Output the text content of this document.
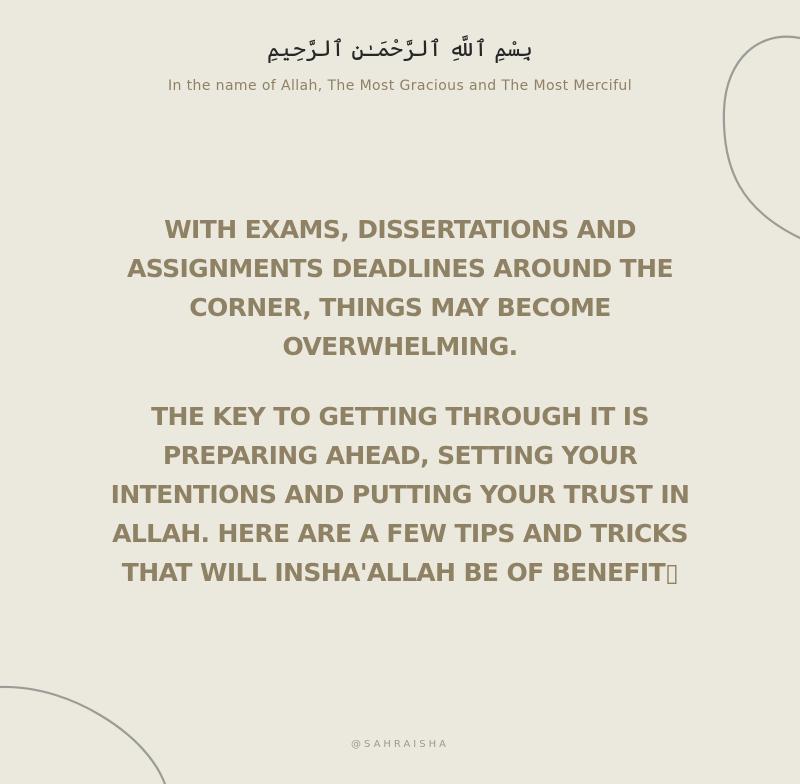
بِسْمِ ٱللَّهِ ٱلرَّحْمَـٰنِ ٱلرَّحِيمِ
In the name of Allah, The Most Gracious and The Most Merciful
WITH EXAMS, DISSERTATIONS AND ASSIGNMENTS DEADLINES AROUND THE CORNER, THINGS MAY BECOME OVERWHELMING.
THE KEY TO GETTING THROUGH IT IS PREPARING AHEAD, SETTING YOUR INTENTIONS AND PUTTING YOUR TRUST IN ALLAH. HERE ARE A FEW TIPS AND TRICKS THAT WILL INSHA'ALLAH BE OF BENEFIT▯
@SAHRAISHA
